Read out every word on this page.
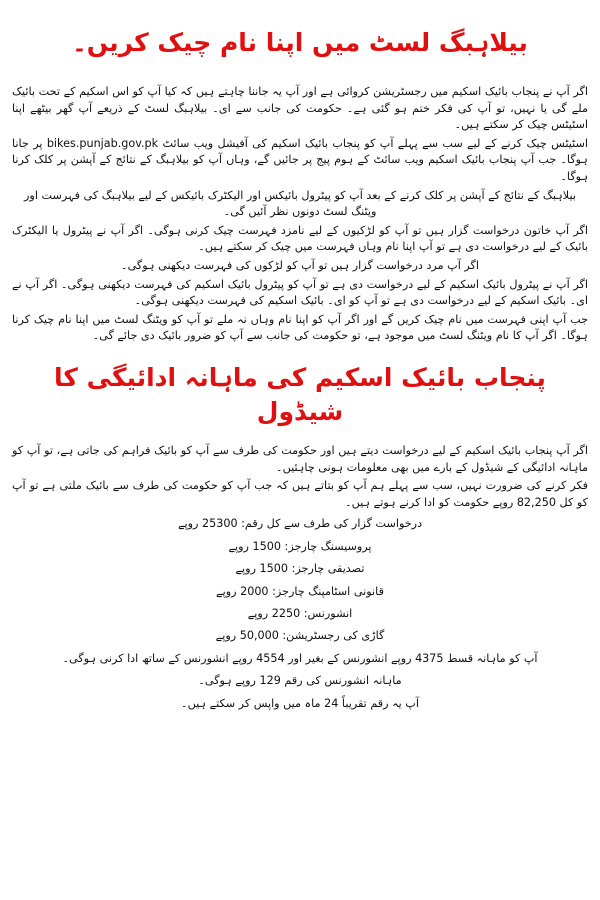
بیلاہبگ لسٹ میں اپنا نام چیک کریں۔

اگر آپ نے پنجاب بائیک اسکیم میں رجسٹریشن کروائی ہے اور آپ یہ جاننا چاہتے ہیں کہ کیا آپ کو اس اسکیم کے تحت بائیک ملے گی یا نہیں، تو آپ کی فکر ختم ہو گئی ہے۔ حکومت کی جانب سے ای۔ بیلاہبگ لسٹ کے ذریعے آپ گھر بیٹھے اپنا اسٹیٹس چیک کر سکتے ہیں۔

اسٹیٹس چیک کرنے کے لیے سب سے پہلے آپ کو پنجاب بائیک اسکیم کی آفیشل ویب سائٹ bikes.punjab.gov.pk پر جانا ہوگا۔ جب آپ پنجاب بائیک اسکیم ویب سائٹ کے ہوم پیج پر جائیں گے، وہاں آپ کو بیلاہبگ کے نتائج کے آپشن پر کلک کرنا ہوگا۔

بیلاہبگ کے نتائج کے آپشن پر کلک کرنے کے بعد آپ کو پیٹرول بائیکس اور الیکٹرک بائیکس کے لیے بیلاہبگ کی فہرست اور ویٹنگ لسٹ دونوں نظر آئیں گی۔

اگر آپ خاتون درخواست گزار ہیں تو آپ کو لڑکیوں کے لیے نامزد فہرست چیک کرنی ہوگی۔ اگر آپ نے پیٹرول یا الیکٹرک بائیک کے لیے درخواست دی ہے تو آپ اپنا نام وہاں فہرست میں چیک کر سکتے ہیں۔

اگر آپ مرد درخواست گزار ہیں تو آپ کو لڑکوں کی فہرست دیکھنی ہوگی۔

اگر آپ نے پیٹرول بائیک اسکیم کے لیے درخواست دی ہے تو آپ کو پیٹرول بائیک اسکیم کی فہرست دیکھنی ہوگی۔ اگر آپ نے ای۔ بائیک اسکیم کے لیے درخواست دی ہے تو آپ کو ای۔ بائیک اسکیم کی فہرست دیکھنی ہوگی۔

جب آپ اپنی فہرست میں نام چیک کریں گے اور اگر آپ کو اپنا نام وہاں نہ ملے تو آپ کو ویٹنگ لسٹ میں اپنا نام چیک کرنا ہوگا۔ اگر آپ کا نام ویٹنگ لسٹ میں موجود ہے، تو حکومت کی جانب سے آپ کو ضرور بائیک دی جائے گی۔

پنجاب بائیک اسکیم کی ماہانہ ادائیگی کا شیڈول

اگر آپ پنجاب بائیک اسکیم کے لیے درخواست دیتے ہیں اور حکومت کی طرف سے آپ کو بائیک فراہم کی جاتی ہے، تو آپ کو ماہانہ ادائیگی کے شیڈول کے بارے میں بھی معلومات ہونی چاہئیں۔

فکر کرنے کی ضرورت نہیں، سب سے پہلے ہم آپ کو بتاتے ہیں کہ جب آپ کو حکومت کی طرف سے بائیک ملتی ہے تو آپ کو کل 82,250 روپے حکومت کو ادا کرنے ہوتے ہیں۔

درخواست گزار کی طرف سے کل رقم: 25300 روپے

پروسیسنگ چارجز: 1500 روپے

تصدیقی چارجز: 1500 روپے

قانونی اسٹامپنگ چارجز: 2000 روپے

انشورنس: 2250 روپے

گاڑی کی رجسٹریشن: 50,000 روپے

آپ کو ماہانہ قسط 4375 روپے انشورنس کے بغیر اور 4554 روپے انشورنس کے ساتھ ادا کرنی ہوگی۔

ماہانہ انشورنس کی رقم 129 روپے ہوگی۔

آپ یہ رقم تقریباً 24 ماہ میں واپس کر سکتے ہیں۔
